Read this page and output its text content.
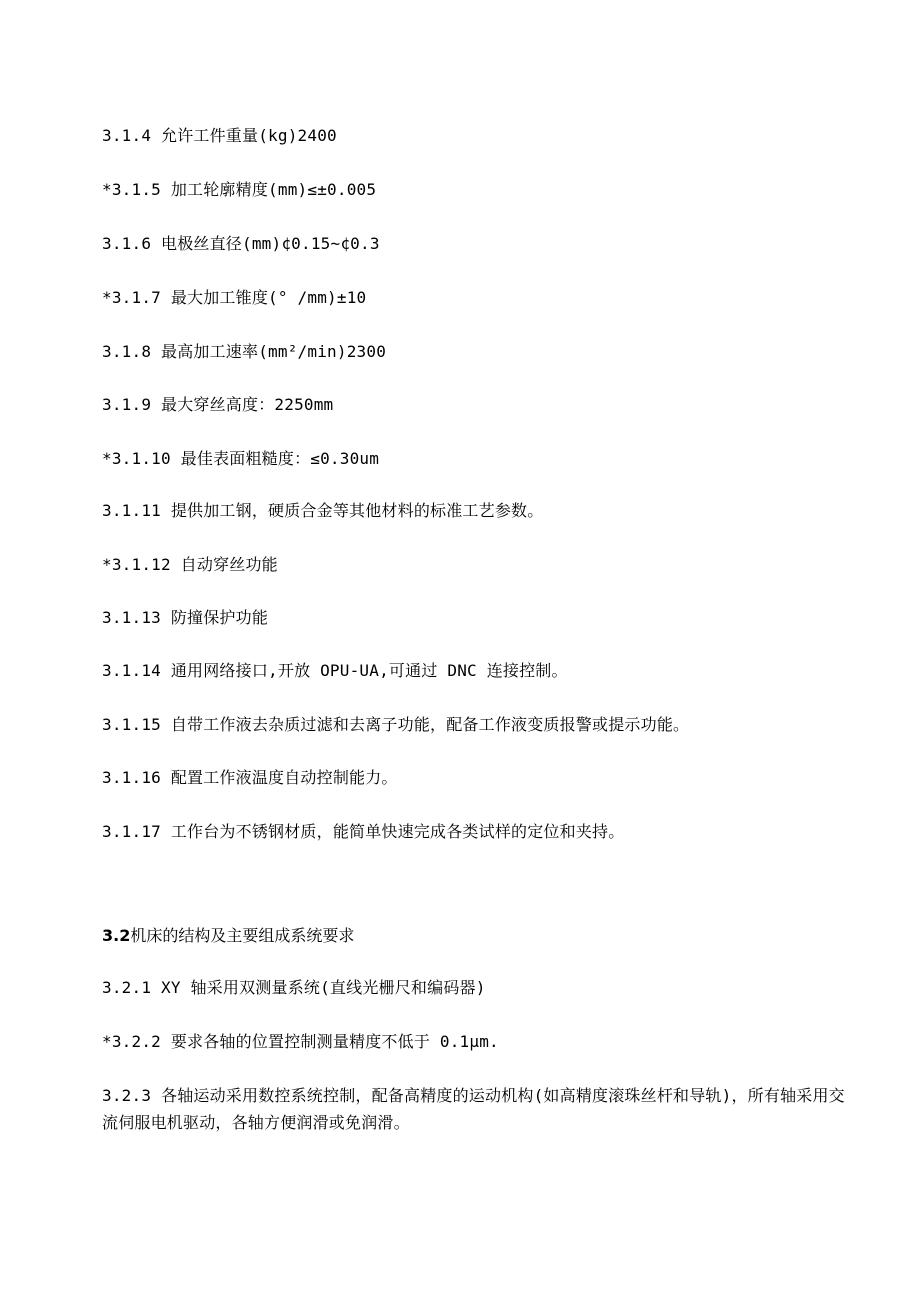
3.1.4 允许工件重量(kg)2400
*3.1.5 加工轮廓精度(mm)≤±0.005
3.1.6 电极丝直径(mm)¢0.15~¢0.3
*3.1.7 最大加工锥度(° /mm)±10
3.1.8 最高加工速率(mm²/min)2300
3.1.9 最大穿丝高度：2250mm
*3.1.10 最佳表面粗糙度：≤0.30um
3.1.11 提供加工钢，硬质合金等其他材料的标准工艺参数。
*3.1.12 自动穿丝功能
3.1.13 防撞保护功能
3.1.14 通用网络接口,开放 OPU-UA,可通过 DNC 连接控制。
3.1.15 自带工作液去杂质过滤和去离子功能，配备工作液变质报警或提示功能。
3.1.16 配置工作液温度自动控制能力。
3.1.17 工作台为不锈钢材质，能简单快速完成各类试样的定位和夹持。
3.2机床的结构及主要组成系统要求
3.2.1 XY 轴采用双测量系统(直线光栅尺和编码器)
*3.2.2 要求各轴的位置控制测量精度不低于 0.1μm.
3.2.3 各轴运动采用数控系统控制，配备高精度的运动机构(如高精度滚珠丝杆和导轨)，所有轴采用交流伺服电机驱动，各轴方便润滑或免润滑。
